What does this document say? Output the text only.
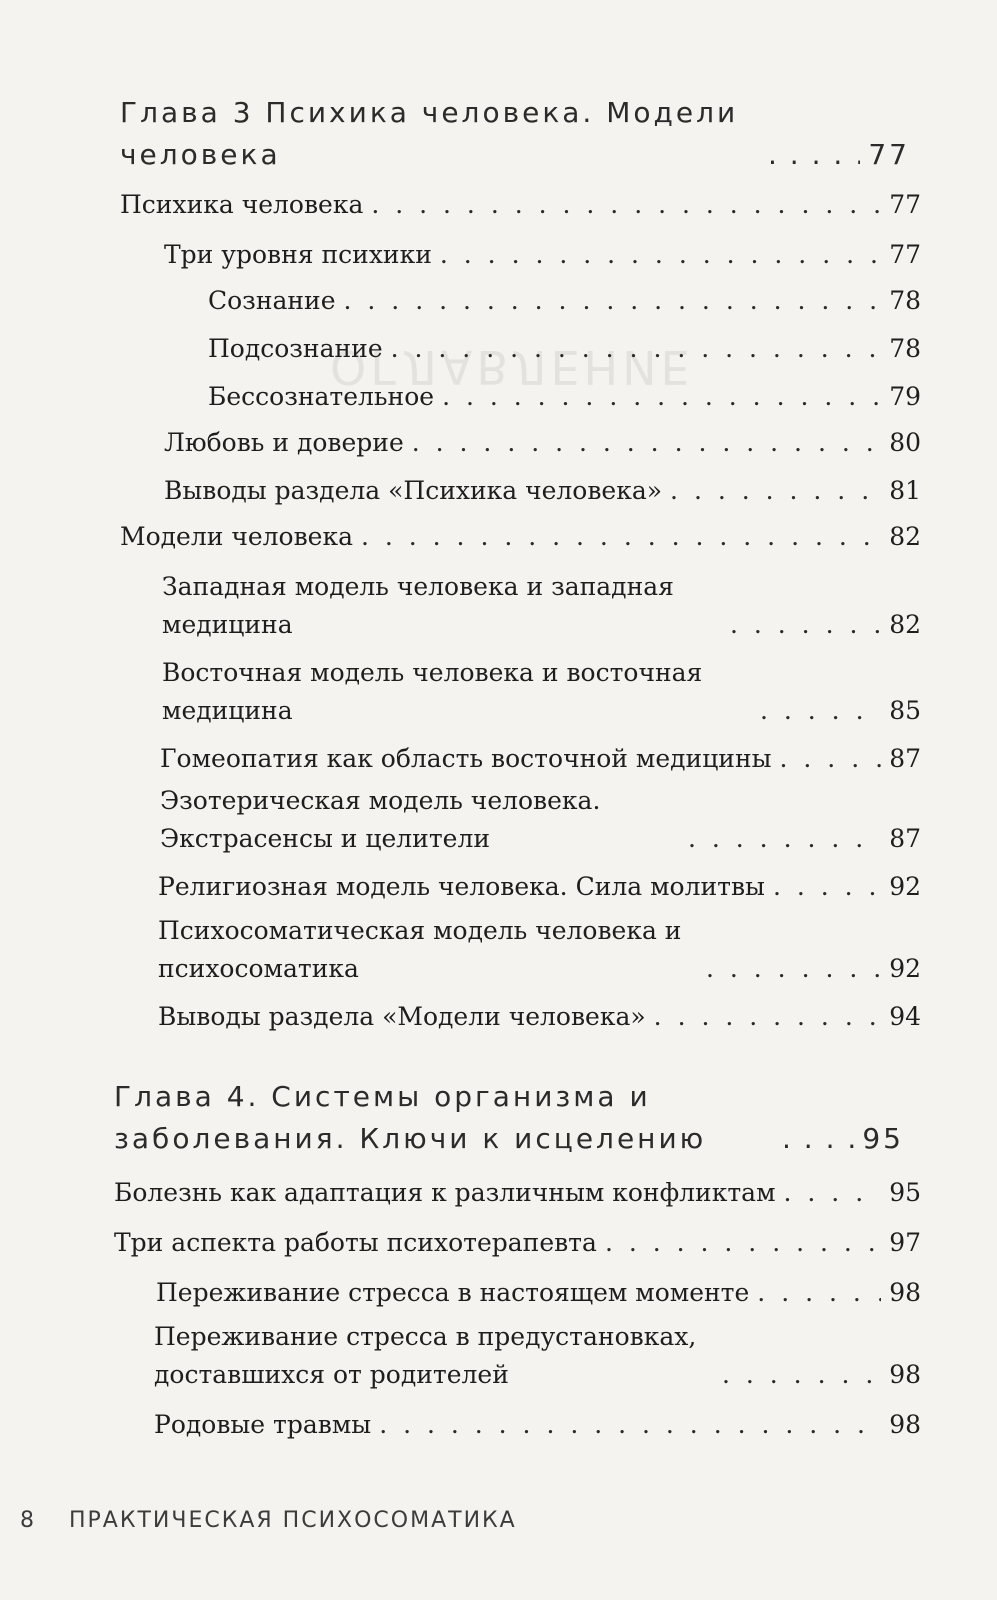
ОГЛАВЛЕНИЕ
Глава 3 Психика человека. Модели человека . . .	77
Психика человека . . .	77
Три уровня психики . . .	77
Сознание . . .	78
Подсознание . . .	78
Бессознательное . . .	79
Любовь и доверие . . .	80
Выводы раздела «Психика человека» . . .	81
Модели человека . . .	82
Западная модель человека и западная медицина . . .	82
Восточная модель человека и восточная медицина . . .	85
Гомеопатия как область восточной медицины . . .	87
Эзотерическая модель человека. Экстрасенсы и целители . . .	87
Религиозная модель человека. Сила молитвы . . .	92
Психосоматическая модель человека и психосоматика . . .	92
Выводы раздела «Модели человека» . . .	94
Глава 4. Системы организма и заболевания. Ключи к исцелению . . .	95
Болезнь как адаптация к различным конфликтам . . .	95
Три аспекта работы психотерапевта . . .	97
Переживание стресса в настоящем моменте . . .	98
Переживание стресса в предустановках, доставшихся от родителей . . .	98
Родовые травмы . . .	98
8 ПРАКТИЧЕСКАЯ ПСИХОСОМАТИКА
